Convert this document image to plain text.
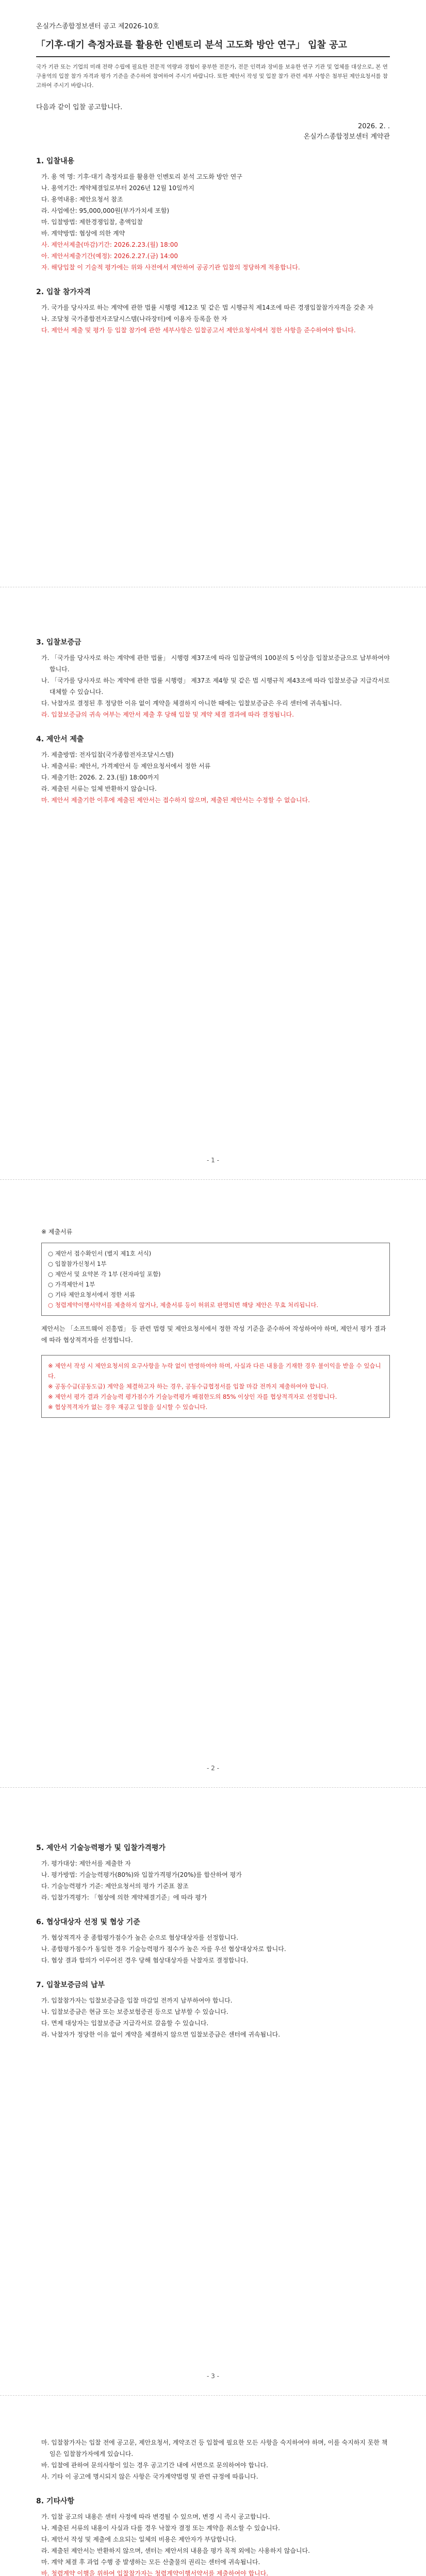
온실가스종합정보센터 공고 제2026-10호
「기후·대기 측정자료를 활용한 인벤토리 분석 고도화 방안 연구」 입찰 공고
국가 기관 또는 기업의 미래 전략 수립에 필요한 전문적 역량과 경험이 풍부한 전문가, 전문 인력과 장비를 보유한 연구 기관 및 업체를 대상으로, 본 연구용역의 입찰 참가 자격과 평가 기준을 준수하여 참여하여 주시기 바랍니다. 또한 제안서 작성 및 입찰 참가 관련 세부 사항은 첨부된 제안요청서를 참고하여 주시기 바랍니다.
다음과 같이 입찰 공고합니다.
2026. 2. .
온실가스종합정보센터 계약관
1. 입찰내용
가. 용 역 명: 기후·대기 측정자료를 활용한 인벤토리 분석 고도화 방안 연구
나. 용역기간: 계약체결일로부터 2026년 12월 10일까지
다. 용역내용: 제안요청서 참조
라. 사업예산: 95,000,000원(부가가치세 포함)
마. 입찰방법: 제한경쟁입찰, 총액입찰
바. 계약방법: 협상에 의한 계약
사. 제안서제출(마감)기간: 2026.2.23.(월) 18:00
아. 제안서제출기간(예정): 2026.2.27.(금) 14:00
자. 해당입찰 이 기술적 평가에는 위와 사전에서 제안하여 공공기관 입찰의 정당하게 적용합니다.
2. 입찰 참가자격
가. 국가를 당사자로 하는 계약에 관한 법률 시행령 제12조 및 같은 법 시행규칙 제14조에 따른 경쟁입찰참가자격을 갖춘 자
나. 조달청 국가종합전자조달시스템(나라장터)에 이용자 등록을 한 자
다. 제안서 제출 및 평가 등 입찰 참가에 관한 세부사항은 입찰공고서 제안요청서에서 정한 사항을 준수하여야 합니다.
3. 입찰보증금
가. 「국가를 당사자로 하는 계약에 관한 법률」 시행령 제37조에 따라 입찰금액의 100분의 5 이상을 입찰보증금으로 납부하여야 합니다.
나. 「국가를 당사자로 하는 계약에 관한 법률 시행령」 제37조 제4항 및 같은 법 시행규칙 제43조에 따라 입찰보증금 지급각서로 대체할 수 있습니다.
다. 낙찰자로 결정된 후 정당한 이유 없이 계약을 체결하지 아니한 때에는 입찰보증금은 우리 센터에 귀속됩니다.
라. 입찰보증금의 귀속 여부는 제안서 제출 후 당해 입찰 및 계약 체결 결과에 따라 결정됩니다.
4. 제안서 제출
가. 제출방법: 전자입찰(국가종합전자조달시스템)
나. 제출서류: 제안서, 가격제안서 등 제안요청서에서 정한 서류
다. 제출기한: 2026. 2. 23.(월) 18:00까지
라. 제출된 서류는 일체 반환하지 않습니다.
마. 제안서 제출기한 이후에 제출된 제안서는 접수하지 않으며, 제출된 제안서는 수정할 수 없습니다.
- 1 -
※ 제출서류
○ 제안서 접수확인서 (별지 제1호 서식)
○ 입찰참가신청서 1부
○ 제안서 및 요약본 각 1부 (전자파일 포함)
○ 가격제안서 1부
○ 기타 제안요청서에서 정한 서류
○ 청렴계약이행서약서를 제출하지 않거나, 제출서류 등이 허위로 판명되면 해당 제안은 무효 처리됩니다.
제안서는 「소프트웨어 진흥법」 등 관련 법령 및 제안요청서에서 정한 작성 기준을 준수하여 작성하여야 하며, 제안서 평가 결과에 따라 협상적격자를 선정합니다.
※ 제안서 작성 시 제안요청서의 요구사항을 누락 없이 반영하여야 하며, 사실과 다른 내용을 기재한 경우 불이익을 받을 수 있습니다.
※ 공동수급(공동도급) 계약을 체결하고자 하는 경우, 공동수급협정서를 입찰 마감 전까지 제출하여야 합니다.
※ 제안서 평가 결과 기술능력 평가점수가 기술능력평가 배점한도의 85% 이상인 자를 협상적격자로 선정합니다.
※ 협상적격자가 없는 경우 재공고 입찰을 실시할 수 있습니다.
- 2 -
5. 제안서 기술능력평가 및 입찰가격평가
가. 평가대상: 제안서를 제출한 자
나. 평가방법: 기술능력평가(80%)와 입찰가격평가(20%)를 합산하여 평가
다. 기술능력평가 기준: 제안요청서의 평가 기준표 참조
라. 입찰가격평가: 「협상에 의한 계약체결기준」에 따라 평가
6. 협상대상자 선정 및 협상 기준
가. 협상적격자 중 종합평가점수가 높은 순으로 협상대상자를 선정합니다.
나. 종합평가점수가 동일한 경우 기술능력평가 점수가 높은 자를 우선 협상대상자로 합니다.
다. 협상 결과 합의가 이루어진 경우 당해 협상대상자를 낙찰자로 결정합니다.
7. 입찰보증금의 납부
가. 입찰참가자는 입찰보증금을 입찰 마감일 전까지 납부하여야 합니다.
나. 입찰보증금은 현금 또는 보증보험증권 등으로 납부할 수 있습니다.
다. 면제 대상자는 입찰보증금 지급각서로 갈음할 수 있습니다.
라. 낙찰자가 정당한 이유 없이 계약을 체결하지 않으면 입찰보증금은 센터에 귀속됩니다.
- 3 -
마. 입찰참가자는 입찰 전에 공고문, 제안요청서, 계약조건 등 입찰에 필요한 모든 사항을 숙지하여야 하며, 이를 숙지하지 못한 책임은 입찰참가자에게 있습니다.
바. 입찰에 관하여 문의사항이 있는 경우 공고기간 내에 서면으로 문의하여야 합니다.
사. 기타 이 공고에 명시되지 않은 사항은 국가계약법령 및 관련 규정에 따릅니다.
8. 기타사항
가. 입찰 공고의 내용은 센터 사정에 따라 변경될 수 있으며, 변경 시 즉시 공고합니다.
나. 제출된 서류의 내용이 사실과 다를 경우 낙찰자 결정 또는 계약을 취소할 수 있습니다.
다. 제안서 작성 및 제출에 소요되는 일체의 비용은 제안자가 부담합니다.
라. 제출된 제안서는 반환하지 않으며, 센터는 제안서의 내용을 평가 목적 외에는 사용하지 않습니다.
마. 계약 체결 후 과업 수행 중 발생하는 모든 산출물의 권리는 센터에 귀속됩니다.
바. 청렴계약 이행을 위하여 입찰참가자는 청렴계약이행서약서를 제출하여야 합니다.
